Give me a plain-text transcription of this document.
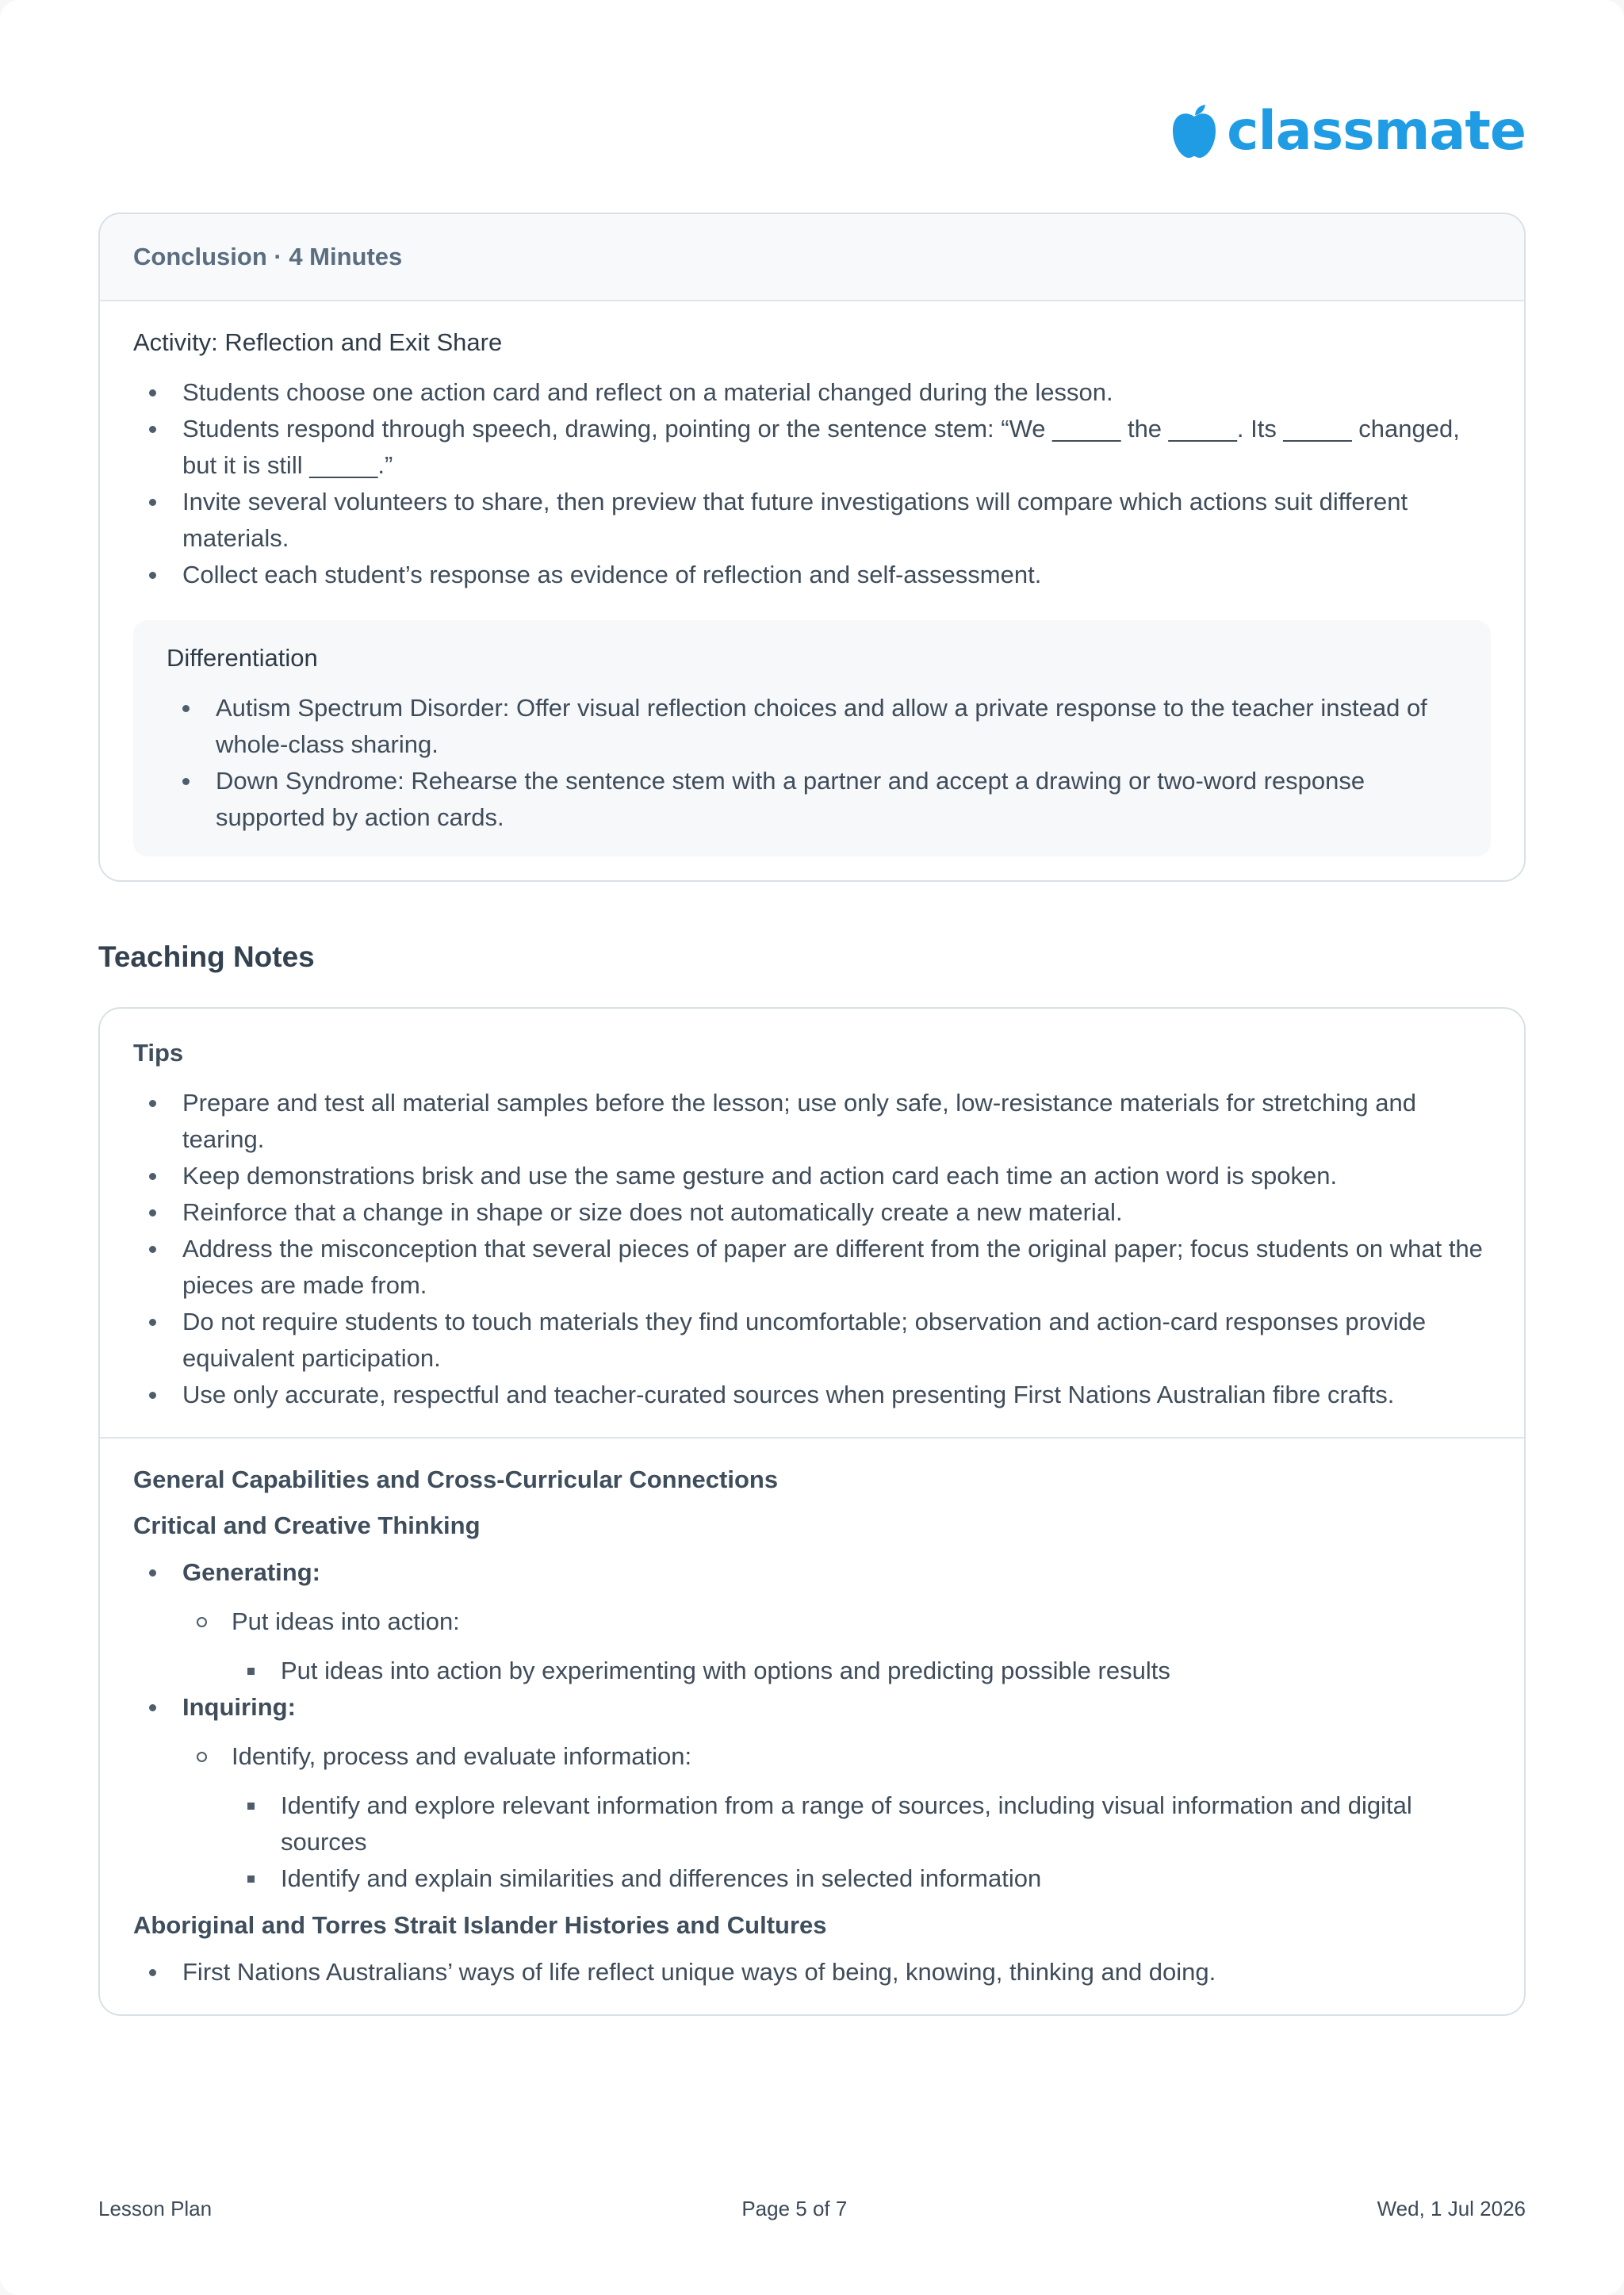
classmate
Conclusion · 4 Minutes
Activity: Reflection and Exit Share
Students choose one action card and reflect on a material changed during the lesson.
Students respond through speech, drawing, pointing or the sentence stem: “We _____ the _____. Its _____ changed, but it is still _____.”
Invite several volunteers to share, then preview that future investigations will compare which actions suit different materials.
Collect each student’s response as evidence of reflection and self-assessment.
Differentiation
Autism Spectrum Disorder: Offer visual reflection choices and allow a private response to the teacher instead of whole-class sharing.
Down Syndrome: Rehearse the sentence stem with a partner and accept a drawing or two-word response supported by action cards.
Teaching Notes
Tips
Prepare and test all material samples before the lesson; use only safe, low-resistance materials for stretching and tearing.
Keep demonstrations brisk and use the same gesture and action card each time an action word is spoken.
Reinforce that a change in shape or size does not automatically create a new material.
Address the misconception that several pieces of paper are different from the original paper; focus students on what the pieces are made from.
Do not require students to touch materials they find uncomfortable; observation and action-card responses provide equivalent participation.
Use only accurate, respectful and teacher-curated sources when presenting First Nations Australian fibre crafts.
General Capabilities and Cross-Curricular Connections
Critical and Creative Thinking
Generating:
Put ideas into action:
Put ideas into action by experimenting with options and predicting possible results
Inquiring:
Identify, process and evaluate information:
Identify and explore relevant information from a range of sources, including visual information and digital sources
Identify and explain similarities and differences in selected information
Aboriginal and Torres Strait Islander Histories and Cultures
First Nations Australians’ ways of life reflect unique ways of being, knowing, thinking and doing.
Lesson Plan	Page 5 of 7	Wed, 1 Jul 2026
